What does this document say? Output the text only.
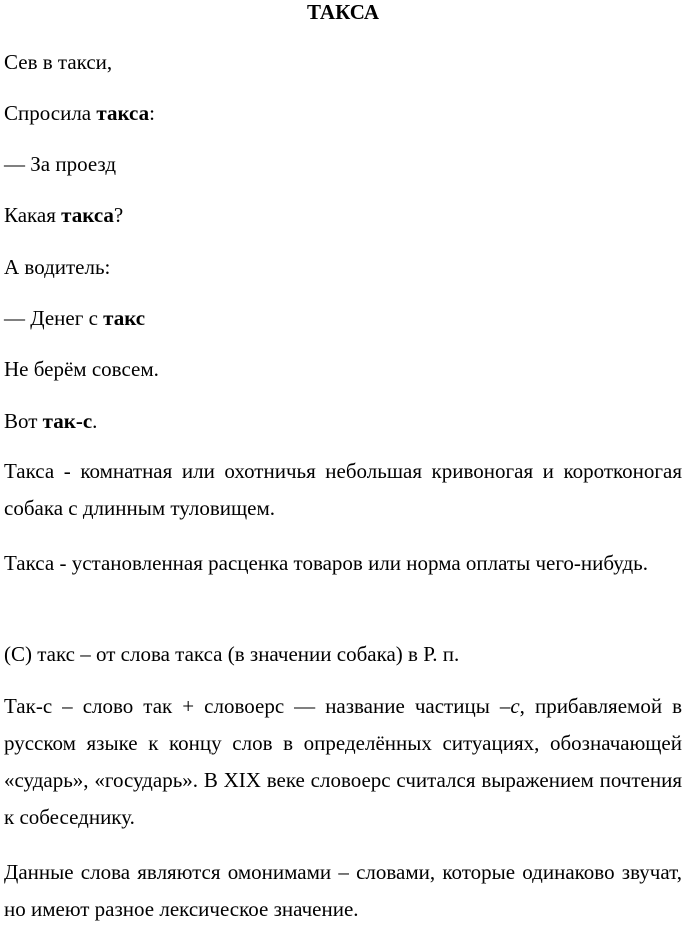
ТАКСА

Сев в такси,

Спросила такса:

— За проезд

Какая такса?

А водитель:

— Денег с такс

Не берём совсем.

Вот так-с.

Такса - комнатная или охотничья небольшая кривоногая и коротконогая собака с длинным туловищем.

Такса - установленная расценка товаров или норма оплаты чего-нибудь.

(С) такс – от слова такса (в значении собака) в Р. п.

Так-с – слово так + словоерс — название частицы –с, прибавляемой в русском языке к концу слов в определённых ситуациях, обозначающей «сударь», «государь». В XIX веке словоерс считался выражением почтения к собеседнику.

Данные слова являются омонимами – словами, которые одинаково звучат, но имеют разное лексическое значение.
